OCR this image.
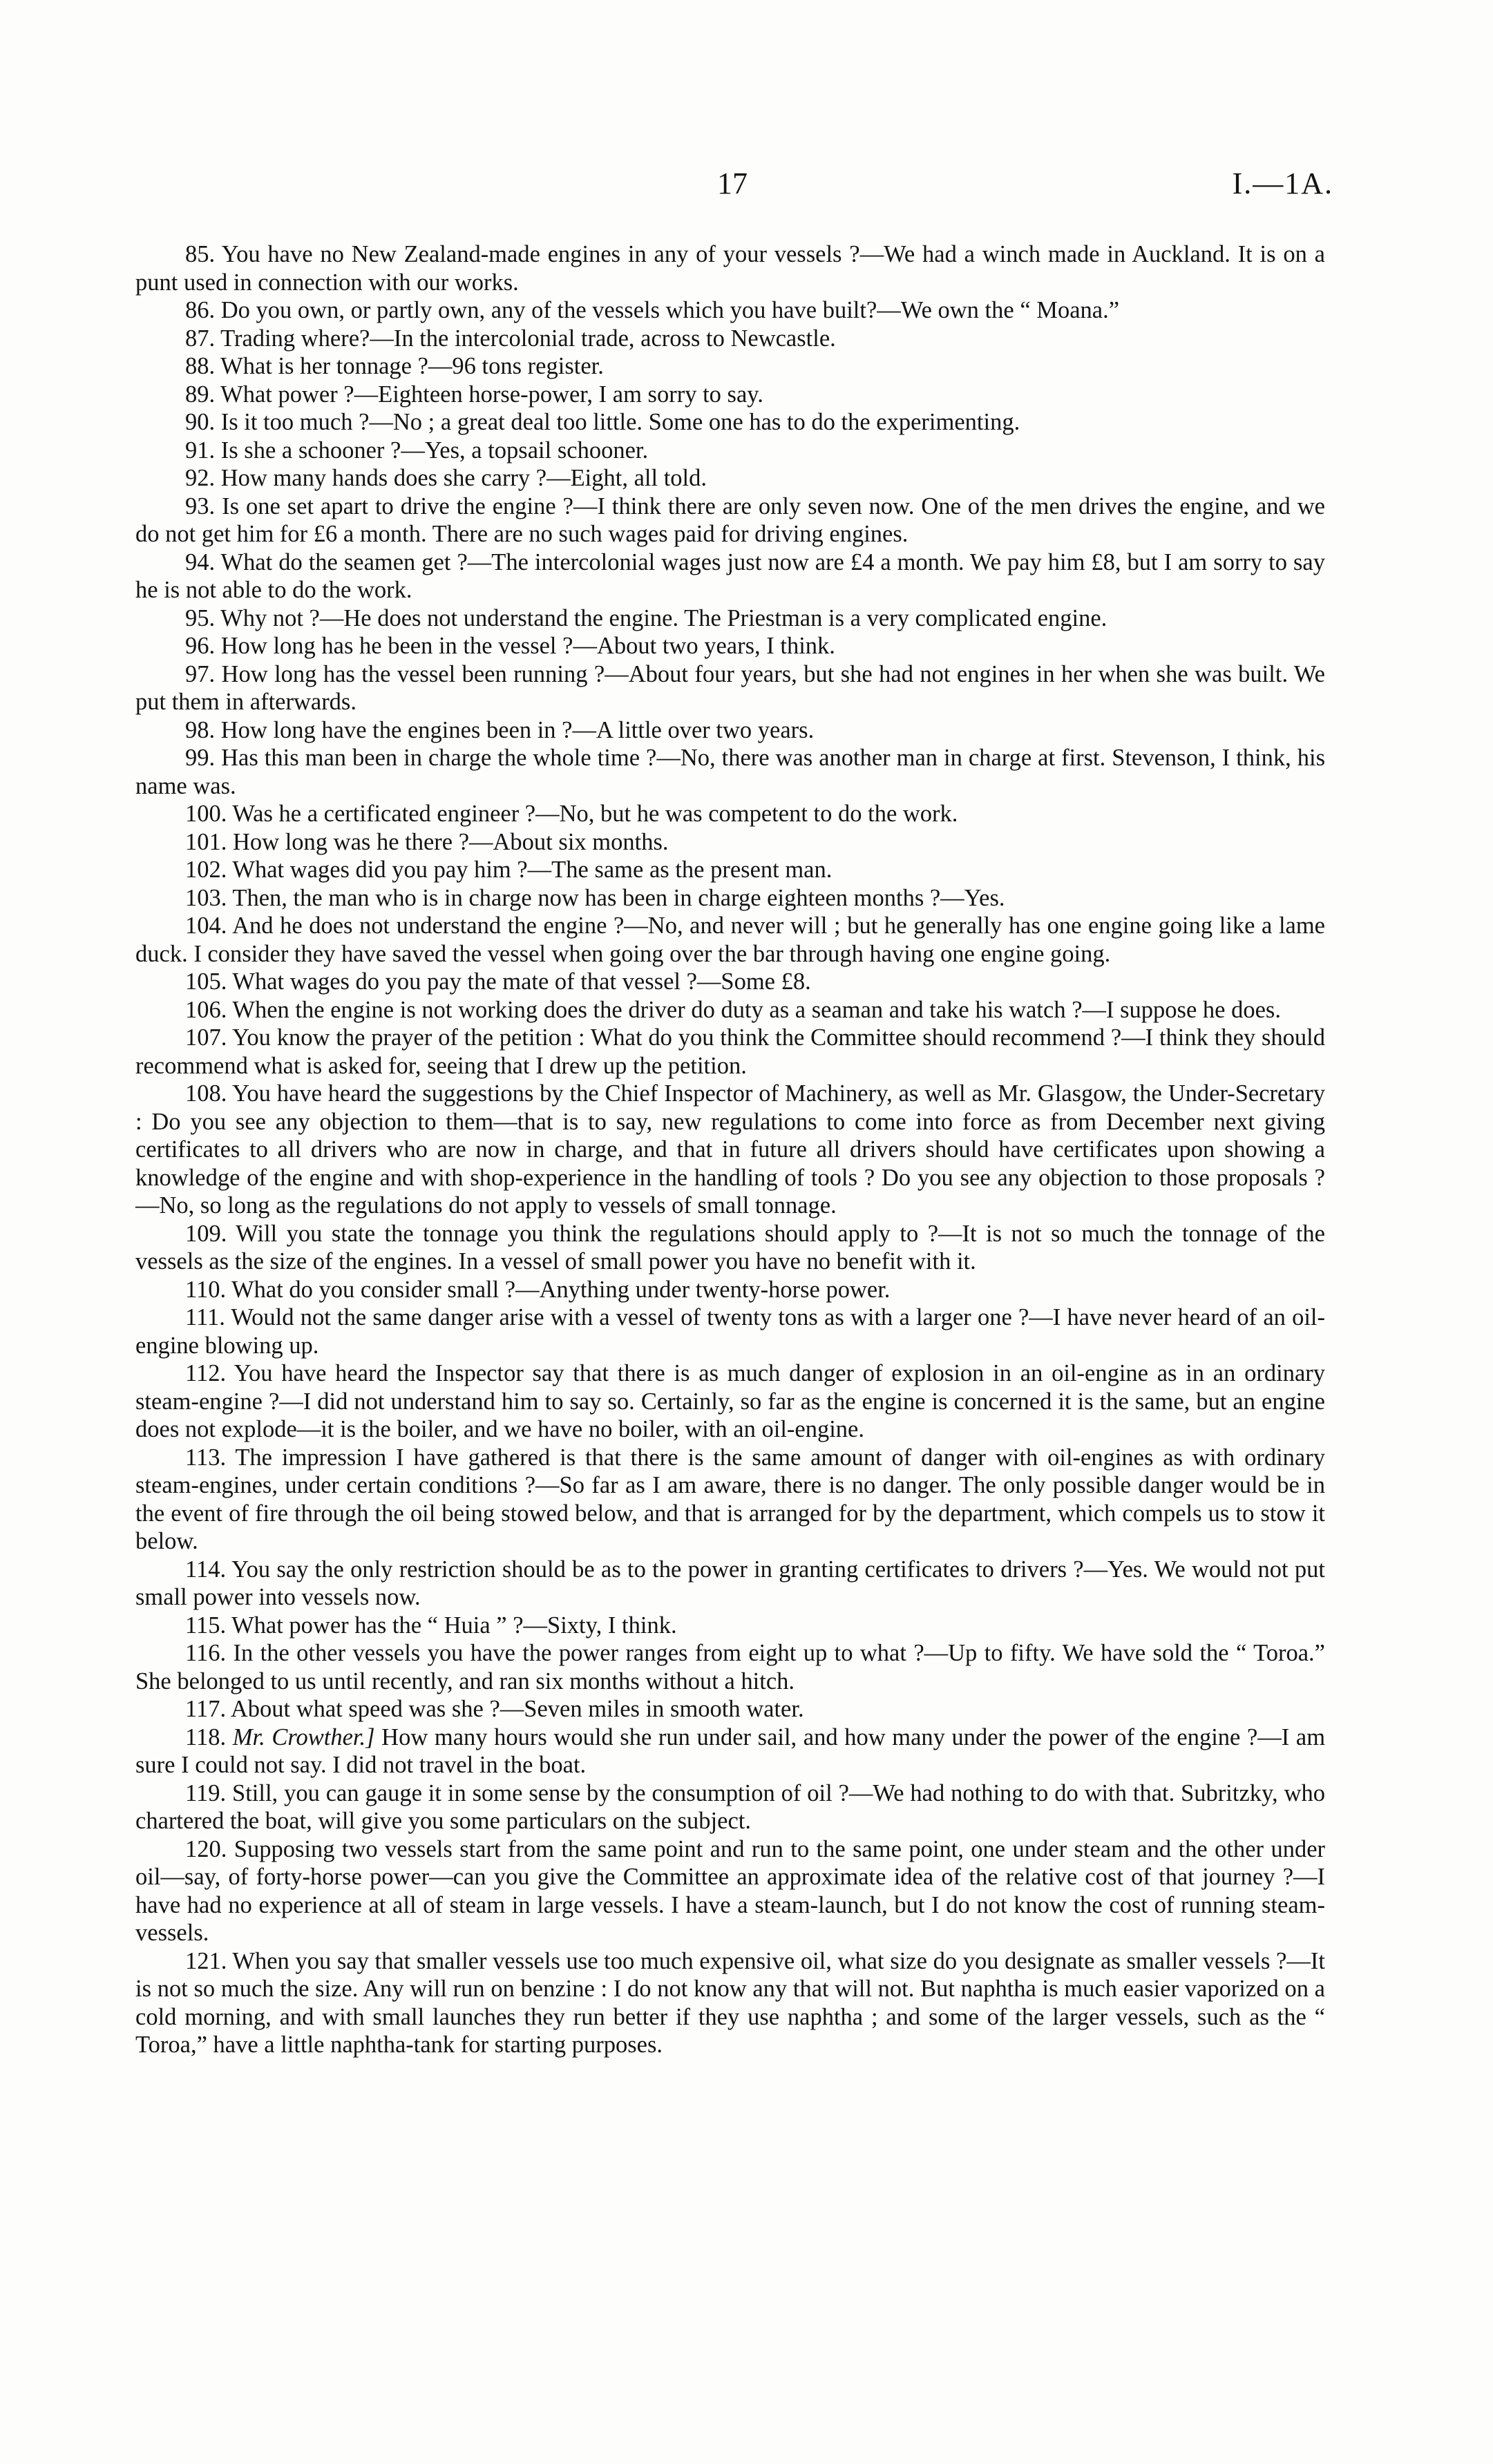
17	I.—1A.

85. You have no New Zealand-made engines in any of your vessels ?—We had a winch made in Auckland. It is on a punt used in connection with our works.

86. Do you own, or partly own, any of the vessels which you have built?—We own the “ Moana.”

87. Trading where?—In the intercolonial trade, across to Newcastle.

88. What is her tonnage ?—96 tons register.

89. What power ?—Eighteen horse-power, I am sorry to say.

90. Is it too much ?—No ; a great deal too little. Some one has to do the experimenting.

91. Is she a schooner ?—Yes, a topsail schooner.

92. How many hands does she carry ?—Eight, all told.

93. Is one set apart to drive the engine ?—I think there are only seven now. One of the men drives the engine, and we do not get him for £6 a month. There are no such wages paid for driving engines.

94. What do the seamen get ?—The intercolonial wages just now are £4 a month. We pay him £8, but I am sorry to say he is not able to do the work.

95. Why not ?—He does not understand the engine. The Priestman is a very complicated engine.

96. How long has he been in the vessel ?—About two years, I think.

97. How long has the vessel been running ?—About four years, but she had not engines in her when she was built. We put them in afterwards.

98. How long have the engines been in ?—A little over two years.

99. Has this man been in charge the whole time ?—No, there was another man in charge at first. Stevenson, I think, his name was.

100. Was he a certificated engineer ?—No, but he was competent to do the work.

101. How long was he there ?—About six months.

102. What wages did you pay him ?—The same as the present man.

103. Then, the man who is in charge now has been in charge eighteen months ?—Yes.

104. And he does not understand the engine ?—No, and never will ; but he generally has one engine going like a lame duck. I consider they have saved the vessel when going over the bar through having one engine going.

105. What wages do you pay the mate of that vessel ?—Some £8.

106. When the engine is not working does the driver do duty as a seaman and take his watch ?—I suppose he does.

107. You know the prayer of the petition : What do you think the Committee should recommend ?—I think they should recommend what is asked for, seeing that I drew up the petition.

108. You have heard the suggestions by the Chief Inspector of Machinery, as well as Mr. Glasgow, the Under-Secretary : Do you see any objection to them—that is to say, new regulations to come into force as from December next giving certificates to all drivers who are now in charge, and that in future all drivers should have certificates upon showing a knowledge of the engine and with shop-experience in the handling of tools ? Do you see any objection to those proposals ?—No, so long as the regulations do not apply to vessels of small tonnage.

109. Will you state the tonnage you think the regulations should apply to ?—It is not so much the tonnage of the vessels as the size of the engines. In a vessel of small power you have no benefit with it.

110. What do you consider small ?—Anything under twenty-horse power.

111. Would not the same danger arise with a vessel of twenty tons as with a larger one ?—I have never heard of an oil-engine blowing up.

112. You have heard the Inspector say that there is as much danger of explosion in an oil-engine as in an ordinary steam-engine ?—I did not understand him to say so. Certainly, so far as the engine is concerned it is the same, but an engine does not explode—it is the boiler, and we have no boiler, with an oil-engine.

113. The impression I have gathered is that there is the same amount of danger with oil-engines as with ordinary steam-engines, under certain conditions ?—So far as I am aware, there is no danger. The only possible danger would be in the event of fire through the oil being stowed below, and that is arranged for by the department, which compels us to stow it below.

114. You say the only restriction should be as to the power in granting certificates to drivers ?—Yes. We would not put small power into vessels now.

115. What power has the “ Huia ” ?—Sixty, I think.

116. In the other vessels you have the power ranges from eight up to what ?—Up to fifty. We have sold the “ Toroa.” She belonged to us until recently, and ran six months without a hitch.

117. About what speed was she ?—Seven miles in smooth water.

118. Mr. Crowther.] How many hours would she run under sail, and how many under the power of the engine ?—I am sure I could not say. I did not travel in the boat.

119. Still, you can gauge it in some sense by the consumption of oil ?—We had nothing to do with that. Subritzky, who chartered the boat, will give you some particulars on the subject.

120. Supposing two vessels start from the same point and run to the same point, one under steam and the other under oil—say, of forty-horse power—can you give the Committee an approximate idea of the relative cost of that journey ?—I have had no experience at all of steam in large vessels. I have a steam-launch, but I do not know the cost of running steam-vessels.

121. When you say that smaller vessels use too much expensive oil, what size do you designate as smaller vessels ?—It is not so much the size. Any will run on benzine : I do not know any that will not. But naphtha is much easier vaporized on a cold morning, and with small launches they run better if they use naphtha ; and some of the larger vessels, such as the “ Toroa,” have a little naphtha-tank for starting purposes.
